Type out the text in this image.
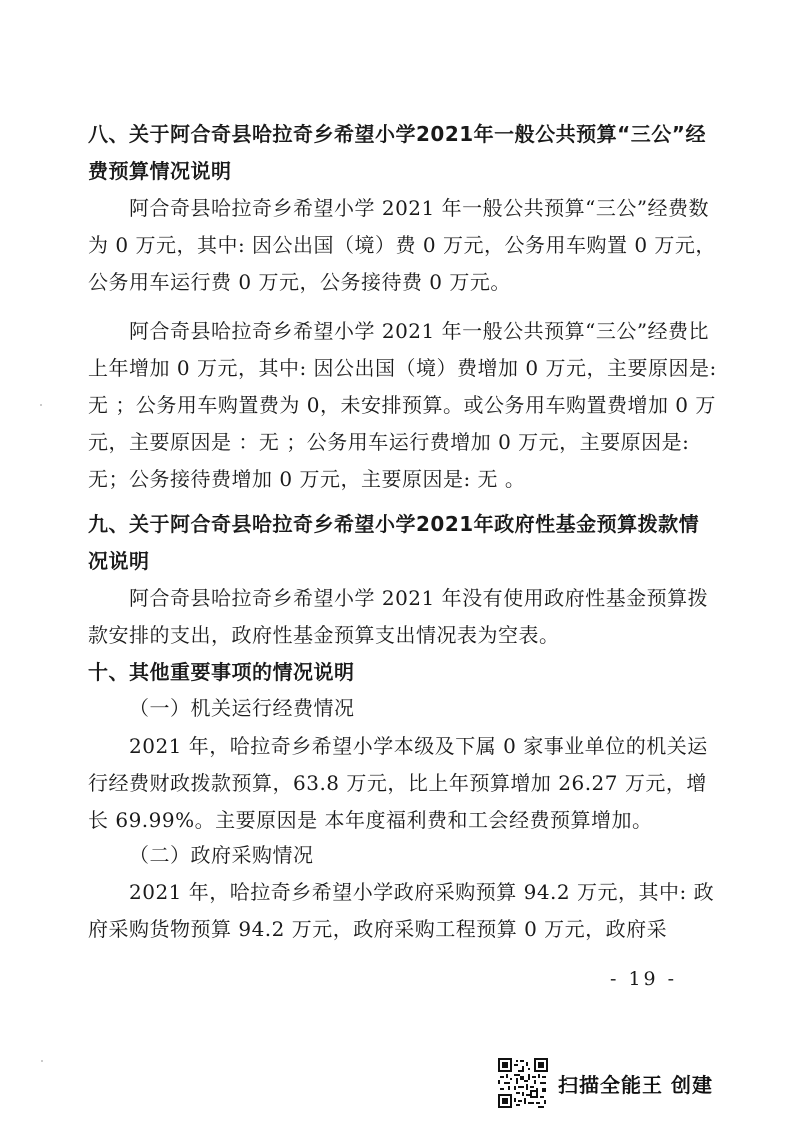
八、关于阿合奇县哈拉奇乡希望小学2021年一般公共预算“三公”经费预算情况说明

阿合奇县哈拉奇乡希望小学 2021 年一般公共预算“三公”经费数为 0 万元，其中: 因公出国（境）费 0 万元，公务用车购置 0 万元，公务用车运行费 0 万元，公务接待费 0 万元。

阿合奇县哈拉奇乡希望小学 2021 年一般公共预算“三公”经费比上年增加 0 万元，其中: 因公出国（境）费增加 0 万元，主要原因是: 无 ；公务用车购置费为 0，未安排预算。或公务用车购置费增加 0 万元，主要原因是 ：无 ；公务用车运行费增加 0 万元，主要原因是: 无；公务接待费增加 0 万元，主要原因是: 无 。

九、关于阿合奇县哈拉奇乡希望小学2021年政府性基金预算拨款情况说明

阿合奇县哈拉奇乡希望小学 2021 年没有使用政府性基金预算拨款安排的支出，政府性基金预算支出情况表为空表。

十、其他重要事项的情况说明

（一）机关运行经费情况

2021 年，哈拉奇乡希望小学本级及下属 0 家事业单位的机关运行经费财政拨款预算，63.8 万元，比上年预算增加 26.27 万元，增长 69.99%。主要原因是 本年度福利费和工会经费预算增加。

（二）政府采购情况

2021 年，哈拉奇乡希望小学政府采购预算 94.2 万元，其中: 政府采购货物预算 94.2 万元，政府采购工程预算 0 万元，政府采

- 19 -
扫描全能王 创建
